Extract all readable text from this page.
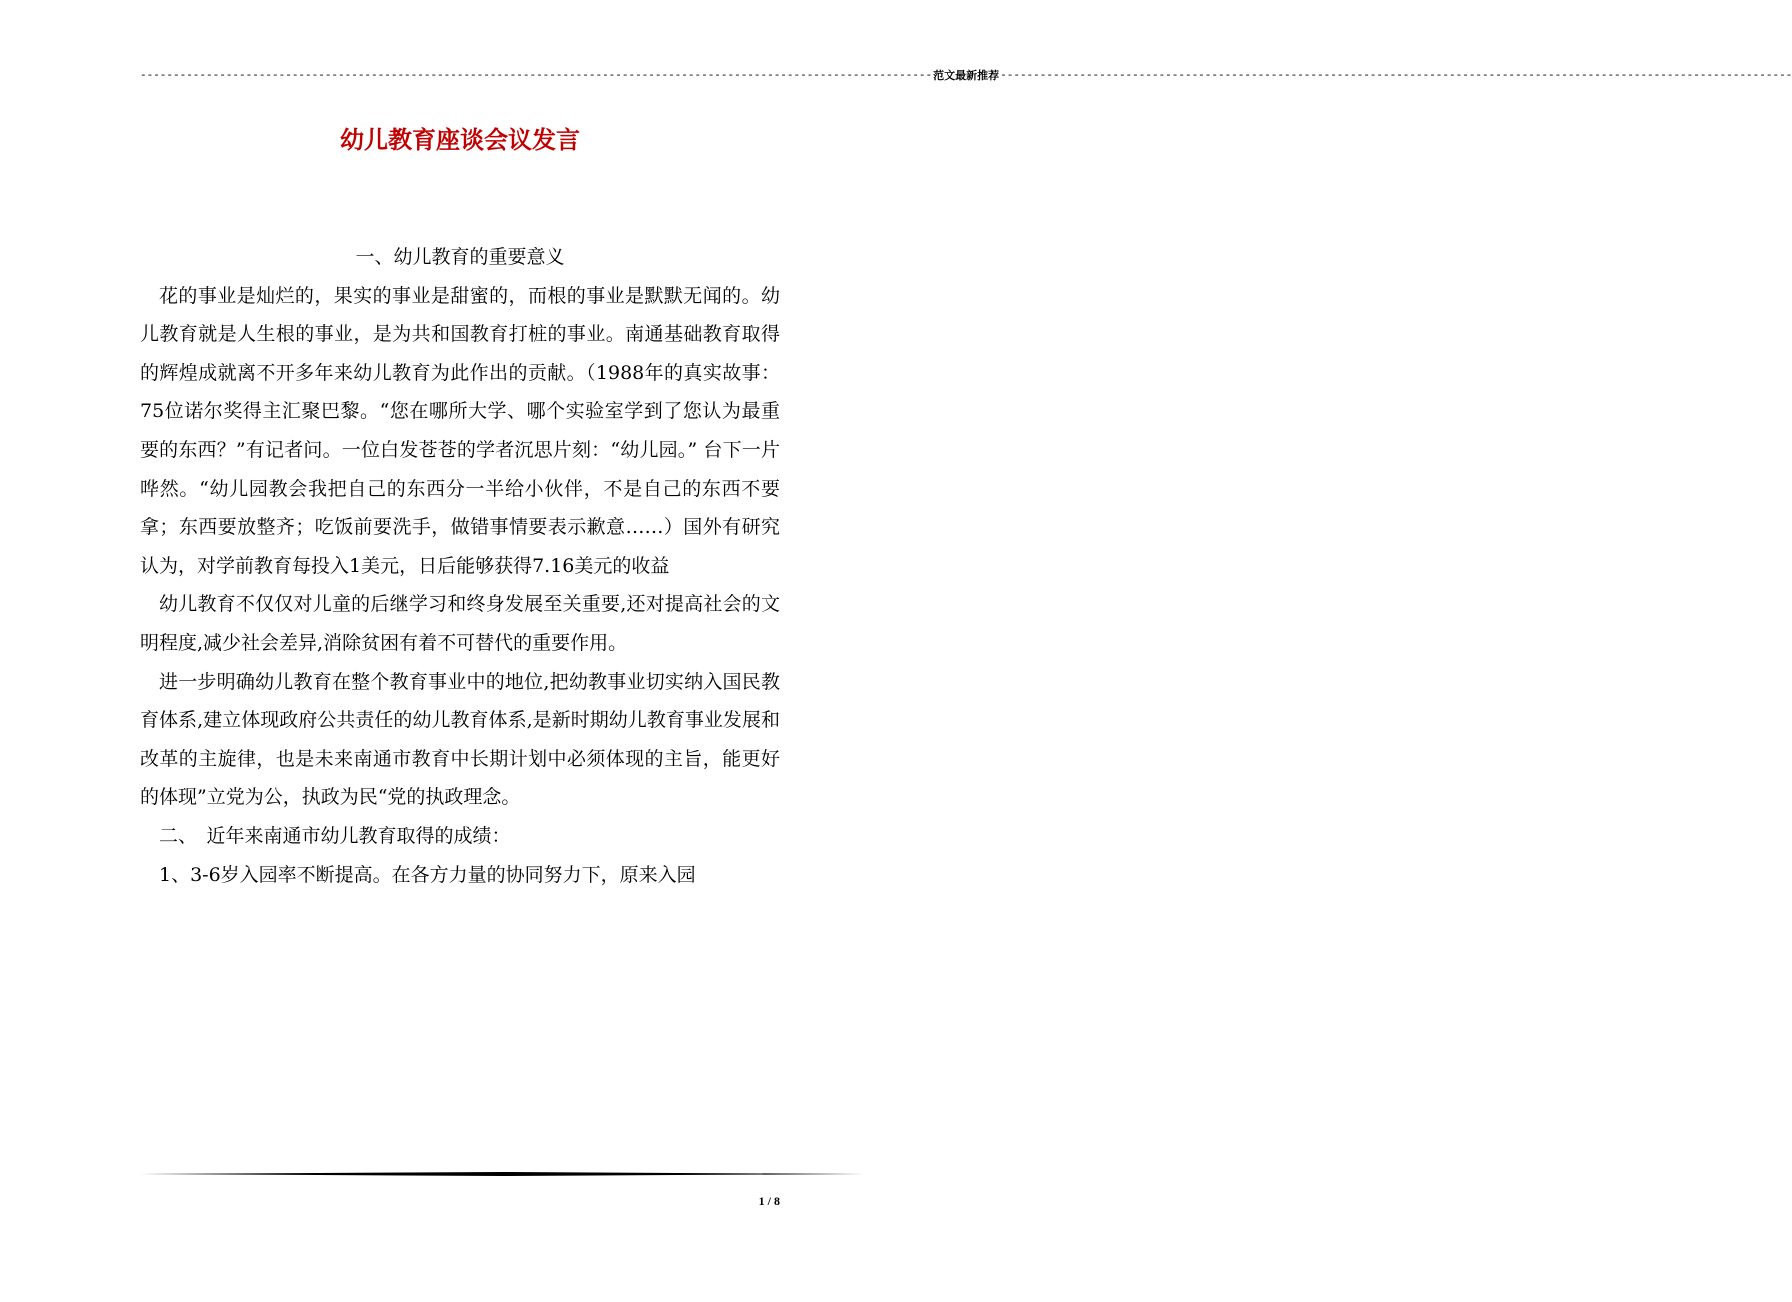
------------------------------------------------------------------------------------------------------------------------ 范文最新推荐 ------------------------------------------------------------------------------------------------------------------------
幼儿教育座谈会议发言

一、幼儿教育的重要意义

花的事业是灿烂的，果实的事业是甜蜜的，而根的事业是默默无闻的。幼儿教育就是人生根的事业，是为共和国教育打桩的事业。南通基础教育取得的辉煌成就离不开多年来幼儿教育为此作出的贡献。（1988年的真实故事：75位诺尔奖得主汇聚巴黎。“您在哪所大学、哪个实验室学到了您认为最重要的东西？”有记者问。一位白发苍苍的学者沉思片刻：“幼儿园。” 台下一片哗然。“幼儿园教会我把自己的东西分一半给小伙伴，不是自己的东西不要拿；东西要放整齐；吃饭前要洗手，做错事情要表示歉意……）国外有研究认为，对学前教育每投入1美元，日后能够获得7.16美元的收益

幼儿教育不仅仅对儿童的后继学习和终身发展至关重要,还对提高社会的文明程度,减少社会差异,消除贫困有着不可替代的重要作用。

进一步明确幼儿教育在整个教育事业中的地位,把幼教事业切实纳入国民教育体系,建立体现政府公共责任的幼儿教育体系,是新时期幼儿教育事业发展和改革的主旋律，也是未来南通市教育中长期计划中必须体现的主旨，能更好的体现”立党为公，执政为民“党的执政理念。

二、　近年来南通市幼儿教育取得的成绩：

1、3-6岁入园率不断提高。在各方力量的协同努力下，原来入园

1 / 8
